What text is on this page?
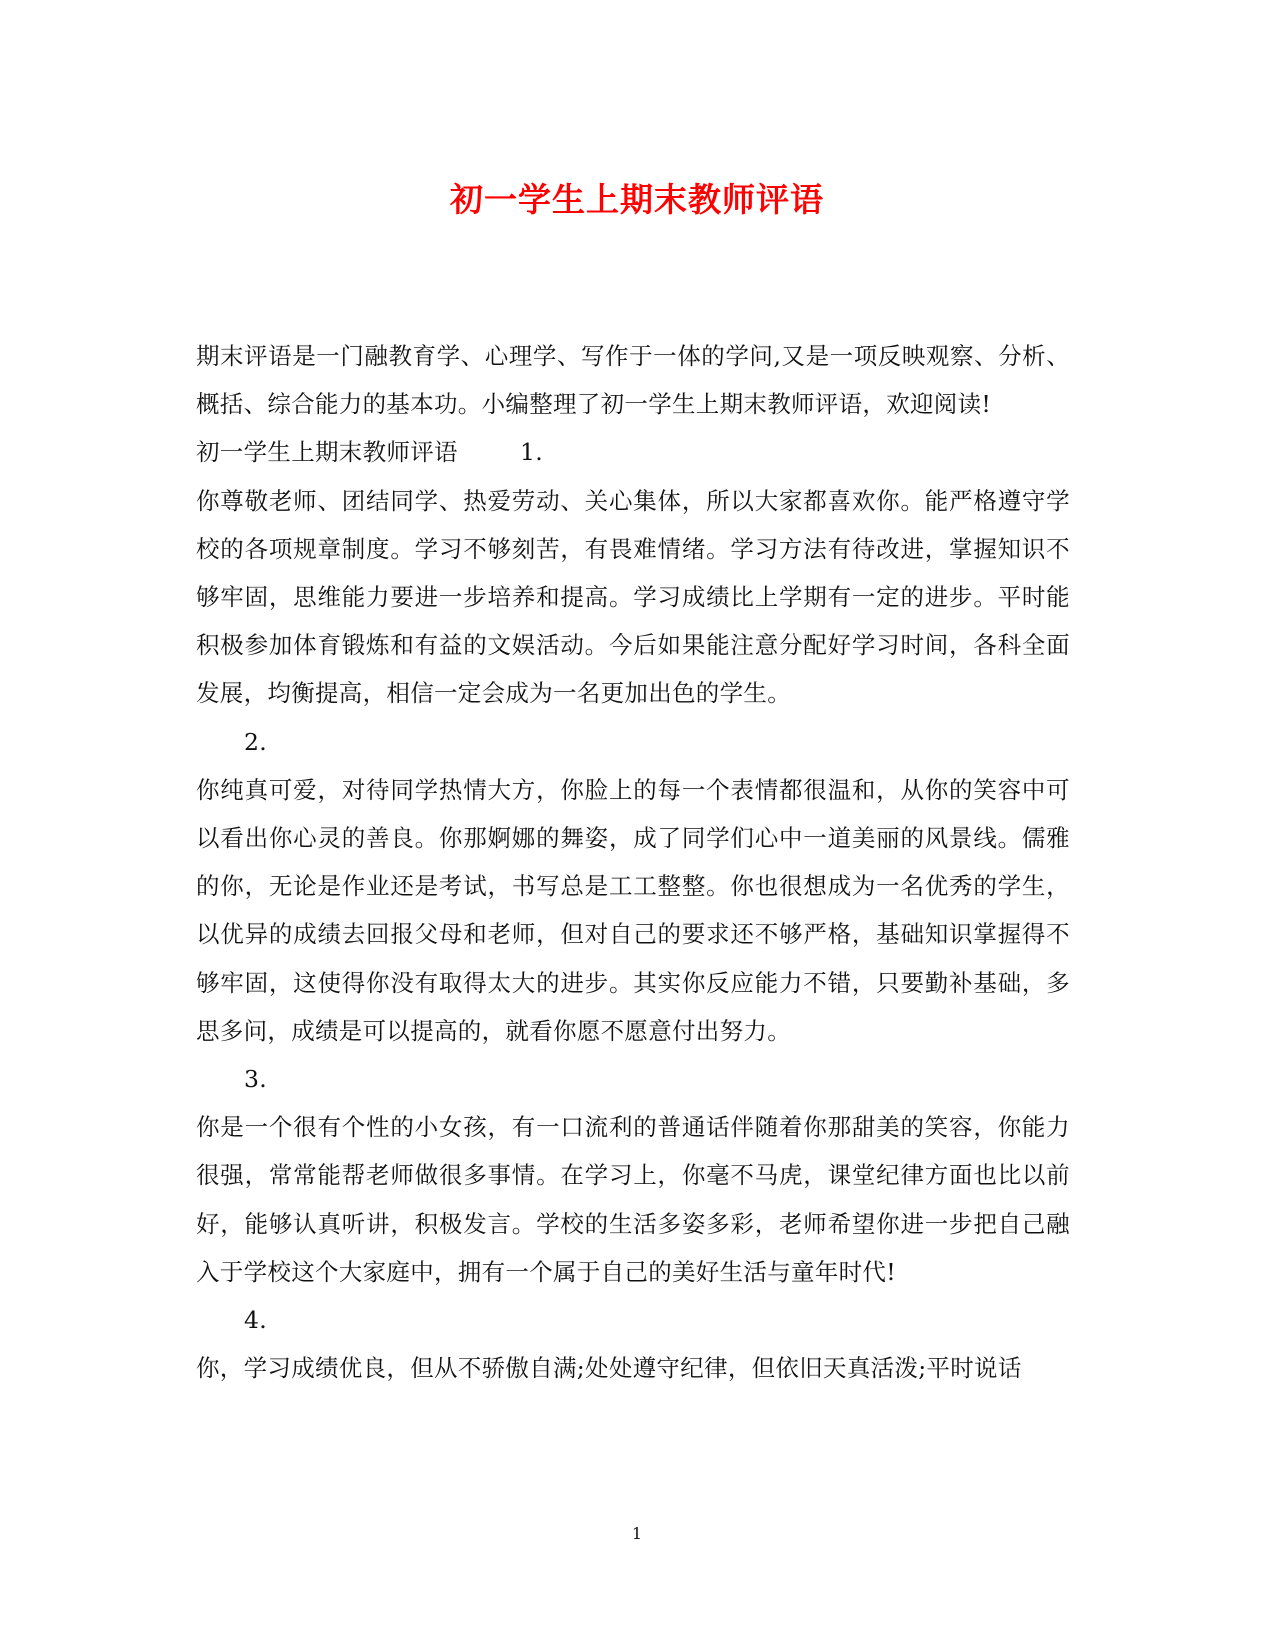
初一学生上期末教师评语

期末评语是一门融教育学、心理学、写作于一体的学问,又是一项反映观察、分析、概括、综合能力的基本功。小编整理了初一学生上期末教师评语，欢迎阅读!

初一学生上期末教师评语	1.

你尊敬老师、团结同学、热爱劳动、关心集体，所以大家都喜欢你。能严格遵守学校的各项规章制度。学习不够刻苦，有畏难情绪。学习方法有待改进，掌握知识不够牢固，思维能力要进一步培养和提高。学习成绩比上学期有一定的进步。平时能积极参加体育锻炼和有益的文娱活动。今后如果能注意分配好学习时间，各科全面发展，均衡提高，相信一定会成为一名更加出色的学生。

2.

你纯真可爱，对待同学热情大方，你脸上的每一个表情都很温和，从你的笑容中可以看出你心灵的善良。你那婀娜的舞姿，成了同学们心中一道美丽的风景线。儒雅的你，无论是作业还是考试，书写总是工工整整。你也很想成为一名优秀的学生，以优异的成绩去回报父母和老师，但对自己的要求还不够严格，基础知识掌握得不够牢固，这使得你没有取得太大的进步。其实你反应能力不错，只要勤补基础，多思多问，成绩是可以提高的，就看你愿不愿意付出努力。

3.

你是一个很有个性的小女孩，有一口流利的普通话伴随着你那甜美的笑容，你能力很强，常常能帮老师做很多事情。在学习上，你毫不马虎，课堂纪律方面也比以前好，能够认真听讲，积极发言。学校的生活多姿多彩，老师希望你进一步把自己融入于学校这个大家庭中，拥有一个属于自己的美好生活与童年时代!

4.

你，学习成绩优良，但从不骄傲自满;处处遵守纪律，但依旧天真活泼;平时说话

1
